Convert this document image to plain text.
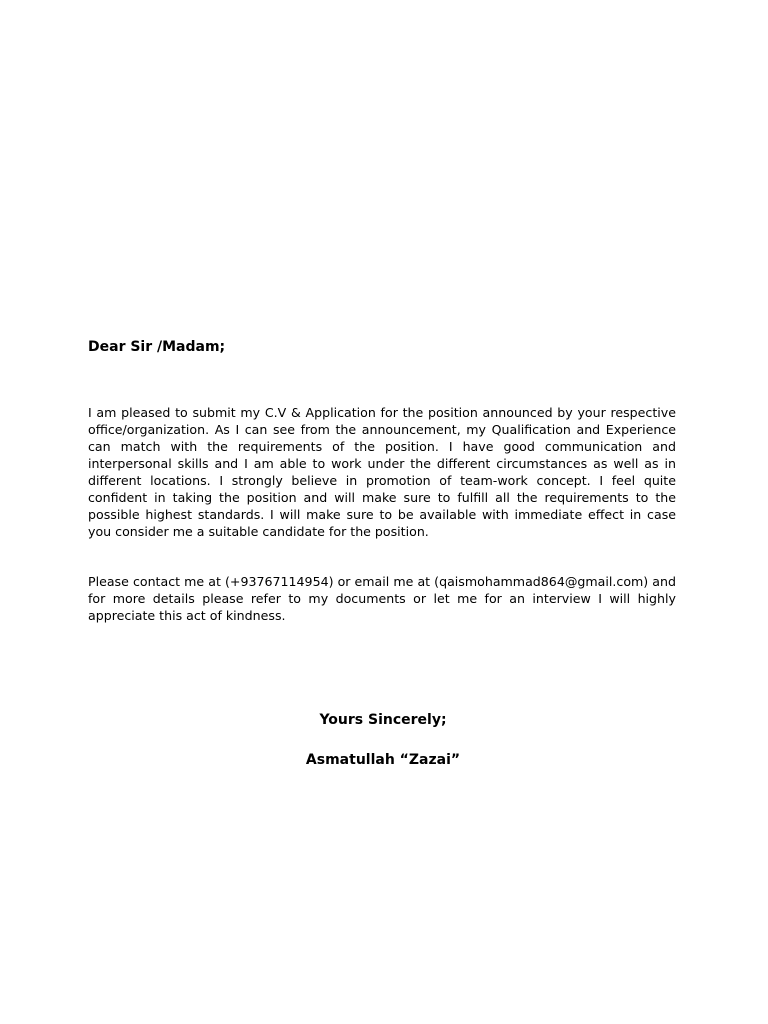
Dear Sir /Madam;

I am pleased to submit my C.V & Application for the position announced by your respective office/organization. As I can see from the announcement, my Qualification and Experience can match with the requirements of the position. I have good communication and interpersonal skills and I am able to work under the different circumstances as well as in different locations. I strongly believe in promotion of team-work concept. I feel quite confident in taking the position and will make sure to fulfill all the requirements to the possible highest standards. I will make sure to be available with immediate effect in case you consider me a suitable candidate for the position.

Please contact me at (+93767114954) or email me at (qaismohammad864@gmail.com) and for more details please refer to my documents or let me for an interview I will highly appreciate this act of kindness.

Yours Sincerely;

Asmatullah “Zazai”
